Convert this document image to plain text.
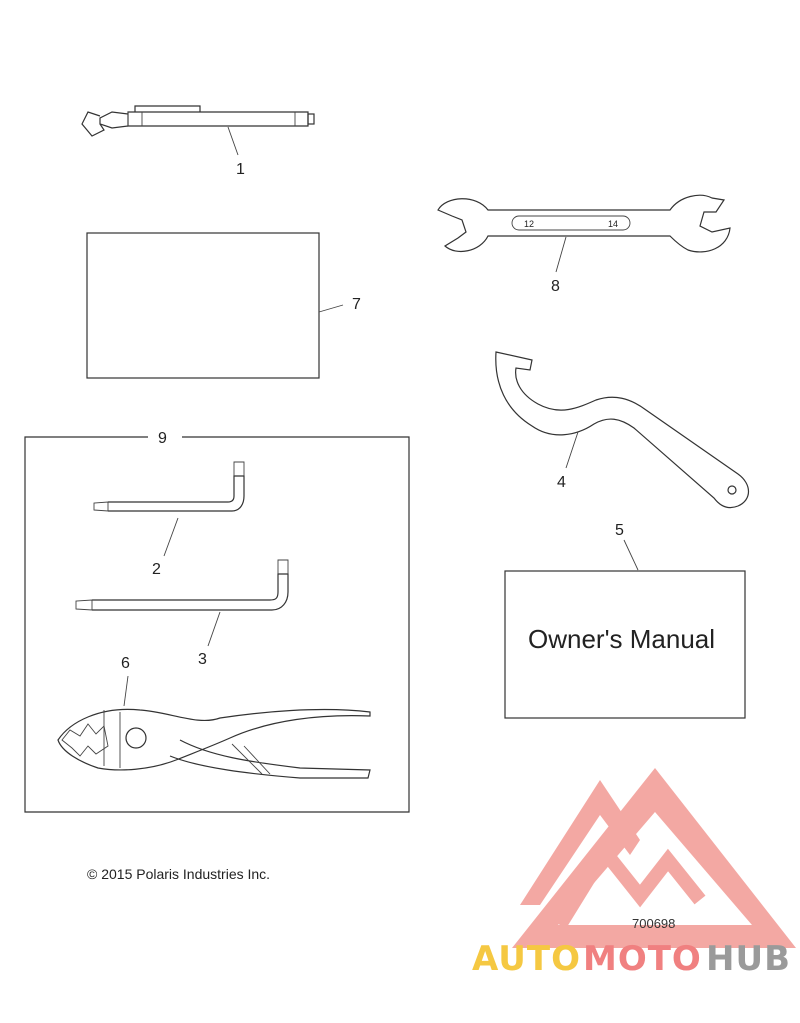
1
7
12	14
8
4
5
Owner's Manual
9
2
3
6
© 2015 Polaris Industries Inc.
700698
AUTO MOTO HUB
